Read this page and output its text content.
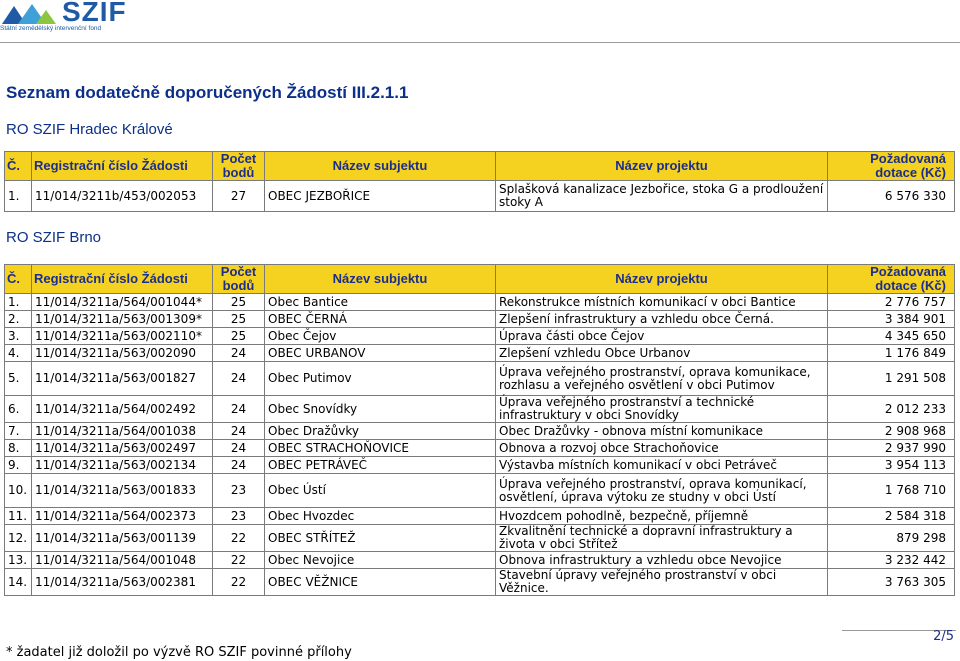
SZIF
Státní zemědělský intervenční fond
Seznam dodatečně doporučených Žádostí III.2.1.1
RO SZIF Hradec Králové
Č.	Registrační číslo Žádosti	Počet bodů	Název subjektu	Název projektu	Požadovaná dotace (Kč)
1.	11/014/3211b/453/002053	27	OBEC JEZBOŘICE	Splašková kanalizace Jezbořice, stoka G a prodloužení stoky A	6 576 330
RO SZIF Brno
Č.	Registrační číslo Žádosti	Počet bodů	Název subjektu	Název projektu	Požadovaná dotace (Kč)
1.	11/014/3211a/564/001044*	25	Obec Bantice	Rekonstrukce místních komunikací v obci Bantice	2 776 757
2.	11/014/3211a/563/001309*	25	OBEC ČERNÁ	Zlepšení infrastruktury a vzhledu obce Černá.	3 384 901
3.	11/014/3211a/563/002110*	25	Obec Čejov	Úprava části obce Čejov	4 345 650
4.	11/014/3211a/563/002090	24	OBEC URBANOV	Zlepšení vzhledu Obce Urbanov	1 176 849
5.	11/014/3211a/563/001827	24	Obec Putimov	Úprava veřejného prostranství, oprava komunikace, rozhlasu a veřejného osvětlení v obci Putimov	1 291 508
6.	11/014/3211a/564/002492	24	Obec Snovídky	Úprava veřejného prostranství a technické infrastruktury v obci Snovídky	2 012 233
7.	11/014/3211a/564/001038	24	Obec Dražůvky	Obec Dražůvky - obnova místní komunikace	2 908 968
8.	11/014/3211a/563/002497	24	OBEC STRACHOŇOVICE	Obnova a rozvoj obce Strachoňovice	2 937 990
9.	11/014/3211a/563/002134	24	OBEC PETRÁVEČ	Výstavba místních komunikací v obci Petráveč	3 954 113
10.	11/014/3211a/563/001833	23	Obec Ústí	Úprava veřejného prostranství, oprava komunikací, osvětlení, úprava výtoku ze studny v obci Ústí	1 768 710
11.	11/014/3211a/564/002373	23	Obec Hvozdec	Hvozdcem pohodlně, bezpečně, příjemně	2 584 318
12.	11/014/3211a/563/001139	22	OBEC STŘÍTEŽ	Zkvalitnění technické a dopravní infrastruktury a života v obci Střítež	879 298
13.	11/014/3211a/564/001048	22	Obec Nevojice	Obnova infrastruktury a vzhledu obce Nevojice	3 232 442
14.	11/014/3211a/563/002381	22	OBEC VĚŽNICE	Stavební úpravy veřejného prostranství v obci Věžnice.	3 763 305
* žadatel již doložil po výzvě RO SZIF povinné přílohy
2/5
